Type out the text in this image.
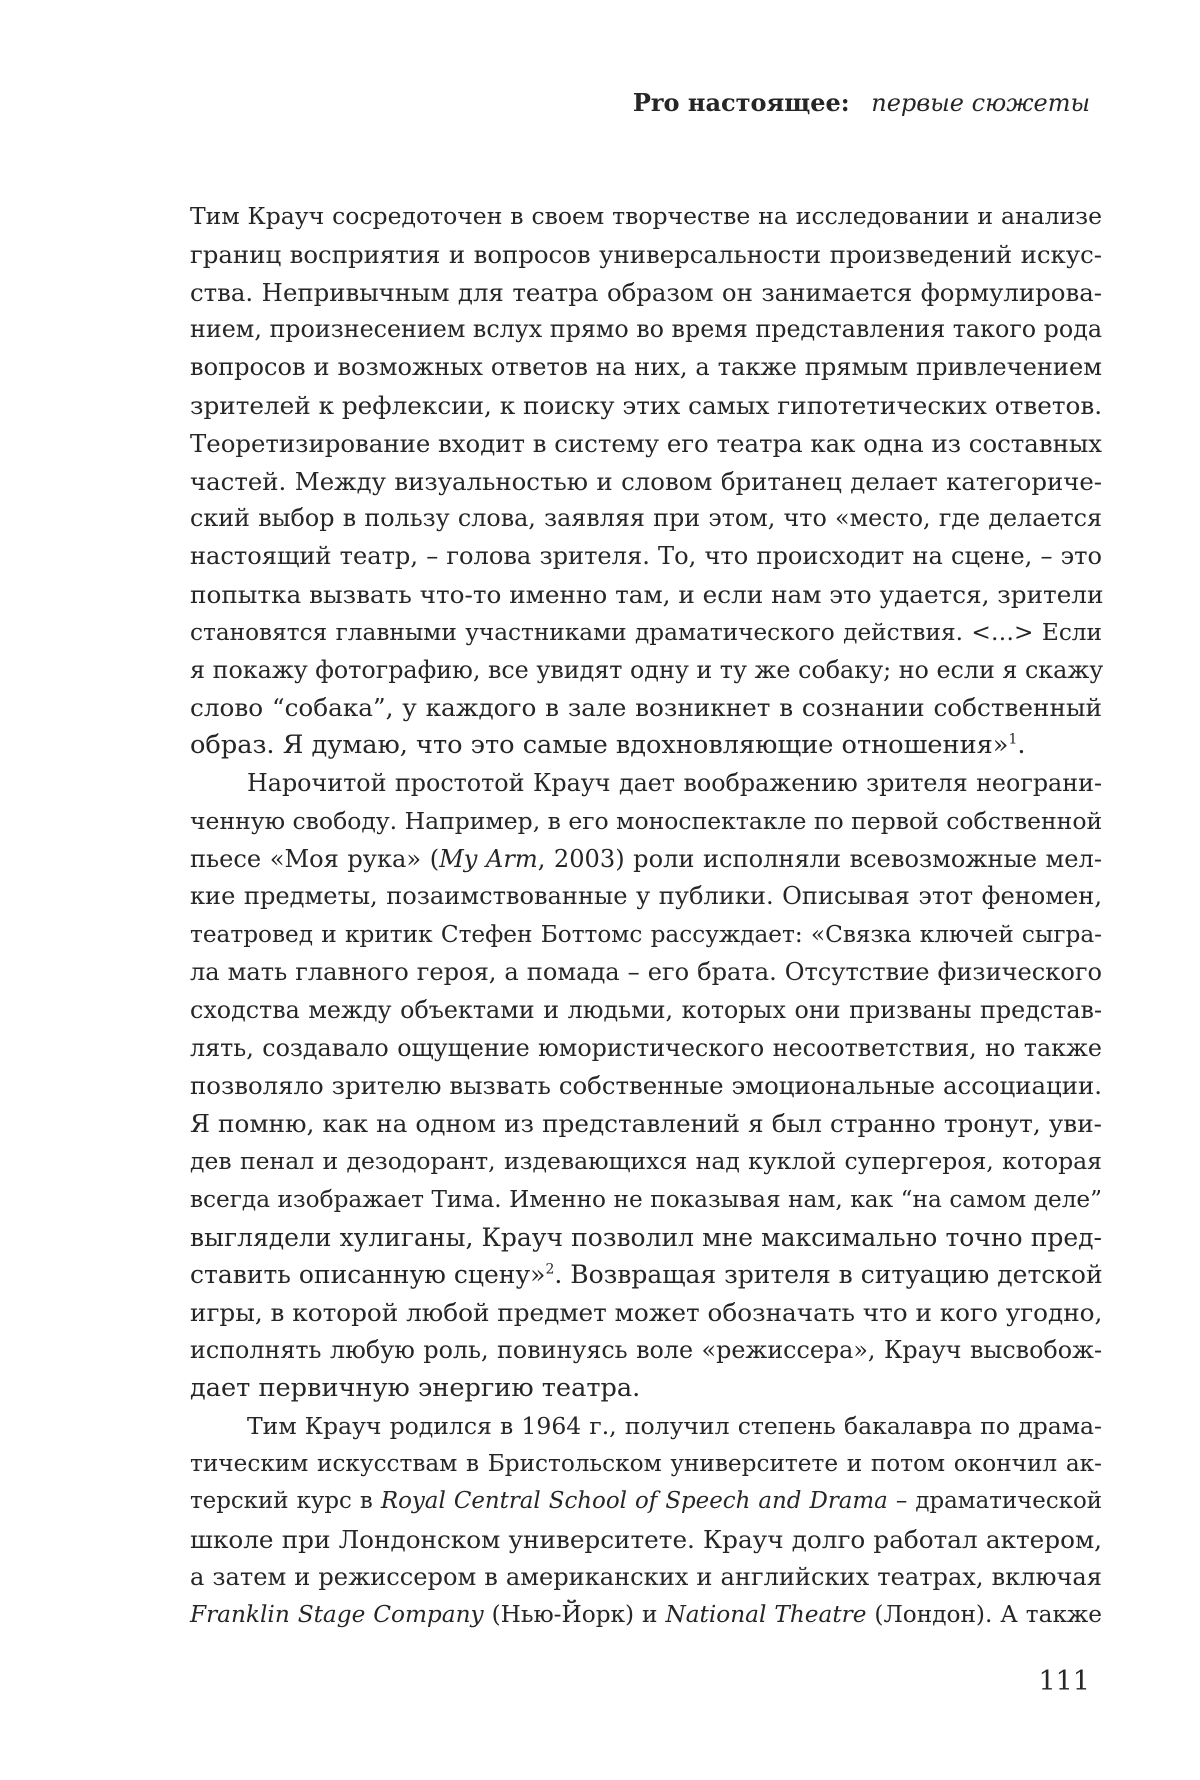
Pro настоящее: первые сюжеты
Тим Крауч сосредоточен в своем творчестве на исследовании и анализе
границ восприятия и вопросов универсальности произведений искус-
ства. Непривычным для театра образом он занимается формулирова-
нием, произнесением вслух прямо во время представления такого рода
вопросов и возможных ответов на них, а также прямым привлечением
зрителей к рефлексии, к поиску этих самых гипотетических ответов.
Теоретизирование входит в систему его театра как одна из составных
частей. Между визуальностью и словом британец делает категориче-
ский выбор в пользу слова, заявляя при этом, что «место, где делается
настоящий театр, – голова зрителя. То, что происходит на сцене, – это
попытка вызвать что-то именно там, и если нам это удается, зрители
становятся главными участниками драматического действия. <…> Если
я покажу фотографию, все увидят одну и ту же собаку; но если я скажу
слово “собака”, у каждого в зале возникнет в сознании собственный
образ. Я думаю, что это самые вдохновляющие отношения»$^1$.
Нарочитой простотой Крауч дает воображению зрителя неограни-
ченную свободу. Например, в его моноспектакле по первой собственной
пьесе «Моя рука» (My Arm, 2003) роли исполняли всевозможные мел-
кие предметы, позаимствованные у публики. Описывая этот феномен,
театровед и критик Стефен Боттомс рассуждает: «Связка ключей сыгра-
ла мать главного героя, а помада – его брата. Отсутствие физического
сходства между объектами и людьми, которых они призваны представ-
лять, создавало ощущение юмористического несоответствия, но также
позволяло зрителю вызвать собственные эмоциональные ассоциации.
Я помню, как на одном из представлений я был странно тронут, уви-
дев пенал и дезодорант, издевающихся над куклой супергероя, которая
всегда изображает Тима. Именно не показывая нам, как “на самом деле”
выглядели хулиганы, Крауч позволил мне максимально точно пред-
ставить описанную сцену»$^2$. Возвращая зрителя в ситуацию детской
игры, в которой любой предмет может обозначать что и кого угодно,
исполнять любую роль, повинуясь воле «режиссера», Крауч высвобож-
дает первичную энергию театра.
Тим Крауч родился в 1964 г., получил степень бакалавра по драма-
тическим искусствам в Бристольском университете и потом окончил ак-
терский курс в Royal Central School of Speech and Drama – драматической
школе при Лондонском университете. Крауч долго работал актером,
а затем и режиссером в американских и английских театрах, включая
Franklin Stage Company (Нью-Йорк) и National Theatre (Лондон). А также
111
